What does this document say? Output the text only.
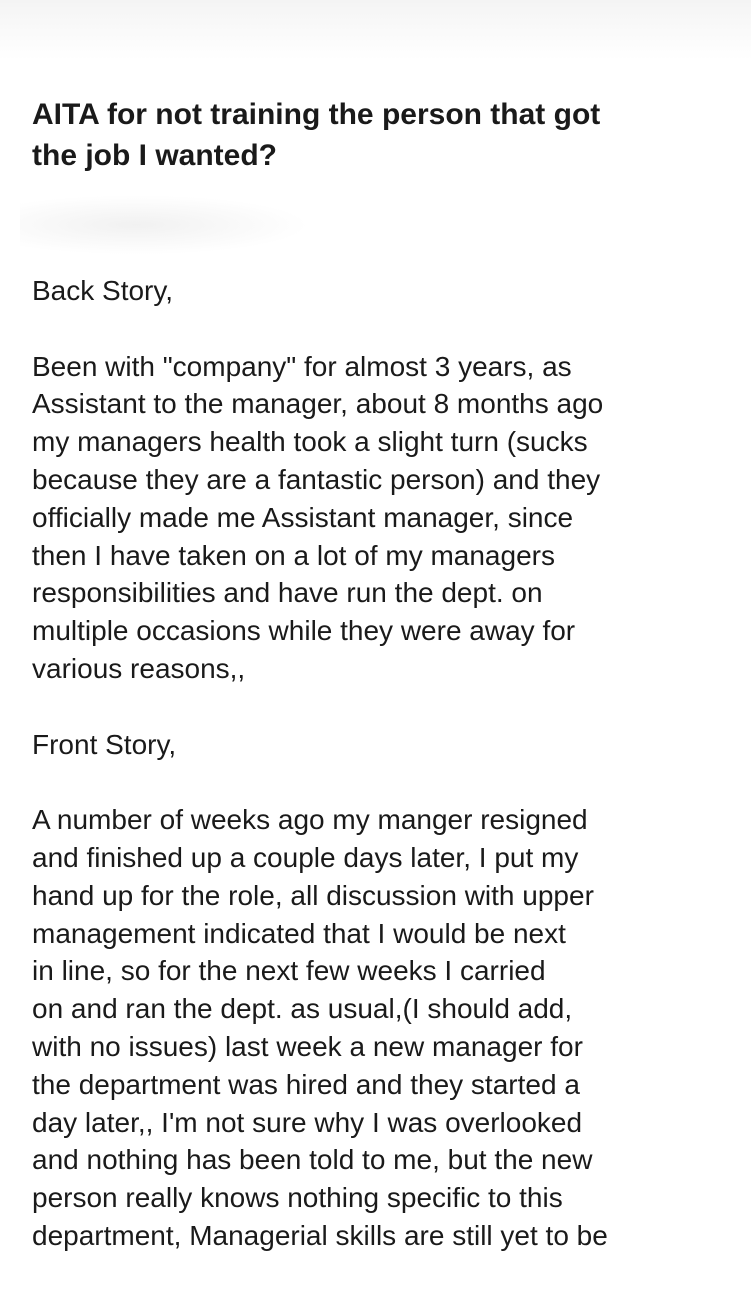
AITA for not training the person that got
the job I wanted?

Back Story,

Been with "company" for almost 3 years, as
Assistant to the manager, about 8 months ago
my managers health took a slight turn (sucks
because they are a fantastic person) and they
officially made me Assistant manager, since
then I have taken on a lot of my managers
responsibilities and have run the dept. on
multiple occasions while they were away for
various reasons,,

Front Story,

A number of weeks ago my manger resigned
and finished up a couple days later, I put my
hand up for the role, all discussion with upper
management indicated that I would be next
in line, so for the next few weeks I carried
on and ran the dept. as usual,(I should add,
with no issues) last week a new manager for
the department was hired and they started a
day later,, I'm not sure why I was overlooked
and nothing has been told to me, but the new
person really knows nothing specific to this
department, Managerial skills are still yet to be
